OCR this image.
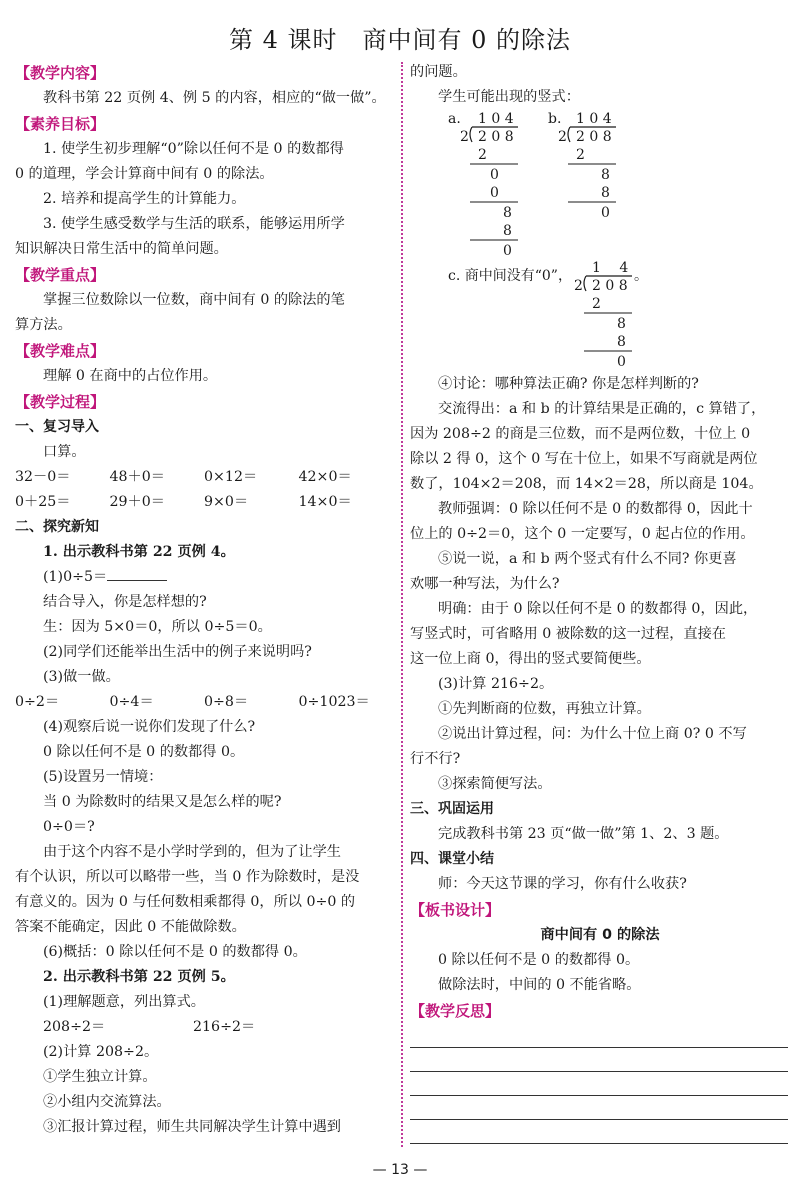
第 4 课时　商中间有 0 的除法
【教学内容】
教科书第 22 页例 4、例 5 的内容，相应的“做一做”。
【素养目标】
1. 使学生初步理解“0”除以任何不是 0 的数都得
0 的道理，学会计算商中间有 0 的除法。
2. 培养和提高学生的计算能力。
3. 使学生感受数学与生活的联系，能够运用所学
知识解决日常生活中的简单问题。
【教学重点】
掌握三位数除以一位数，商中间有 0 的除法的笔
算方法。
【教学难点】
理解 0 在商中的占位作用。
【教学过程】
一、复习导入
口算。
32－0＝	48＋0＝	0×12＝	42×0＝
0＋25＝	29＋0＝	9×0＝	14×0＝
二、探究新知
1. 出示教科书第 22 页例 4。
(1)0÷5＝
结合导入，你是怎样想的?
生：因为 5×0＝0，所以 0÷5＝0。
(2)同学们还能举出生活中的例子来说明吗?
(3)做一做。
0÷2＝	0÷4＝	0÷8＝	0÷1023＝
(4)观察后说一说你们发现了什么?
0 除以任何不是 0 的数都得 0。
(5)设置另一情境：
当 0 为除数时的结果又是怎么样的呢?
0÷0＝?
由于这个内容不是小学时学到的，但为了让学生
有个认识，所以可以略带一些，当 0 作为除数时，是没
有意义的。因为 0 与任何数相乘都得 0，所以 0÷0 的
答案不能确定，因此 0 不能做除数。
(6)概括：0 除以任何不是 0 的数都得 0。
2. 出示教科书第 22 页例 5。
(1)理解题意，列出算式。
208÷2＝	216÷2＝
(2)计算 208÷2。
①学生独立计算。
②小组内交流算法。
③汇报计算过程，师生共同解决学生计算中遇到
的问题。
学生可能出现的竖式：
a. 1 0 4
2 2 0 8
2
0
0
8
8
0
b. 1 0 4
2 2 0 8
2
8
8
0
c. 商中间没有“0”， 1　 4
2 2 0 8
。
2
8
8
0
④讨论：哪种算法正确? 你是怎样判断的?
交流得出：a 和 b 的计算结果是正确的，c 算错了，
因为 208÷2 的商是三位数，而不是两位数，十位上 0
除以 2 得 0，这个 0 写在十位上，如果不写商就是两位
数了，104×2＝208，而 14×2＝28，所以商是 104。
教师强调：0 除以任何不是 0 的数都得 0，因此十
位上的 0÷2＝0，这个 0 一定要写，0 起占位的作用。
⑤说一说，a 和 b 两个竖式有什么不同? 你更喜
欢哪一种写法，为什么?
明确：由于 0 除以任何不是 0 的数都得 0，因此，
写竖式时，可省略用 0 被除数的这一过程，直接在
这一位上商 0，得出的竖式要简便些。
(3)计算 216÷2。
①先判断商的位数，再独立计算。
②说出计算过程，问：为什么十位上商 0? 0 不写
行不行?
③探索简便写法。
三、巩固运用
完成教科书第 23 页“做一做”第 1、2、3 题。
四、课堂小结
师：今天这节课的学习，你有什么收获?
【板书设计】
商中间有 0 的除法
0 除以任何不是 0 的数都得 0。
做除法时，中间的 0 不能省略。
【教学反思】
— 13 —
